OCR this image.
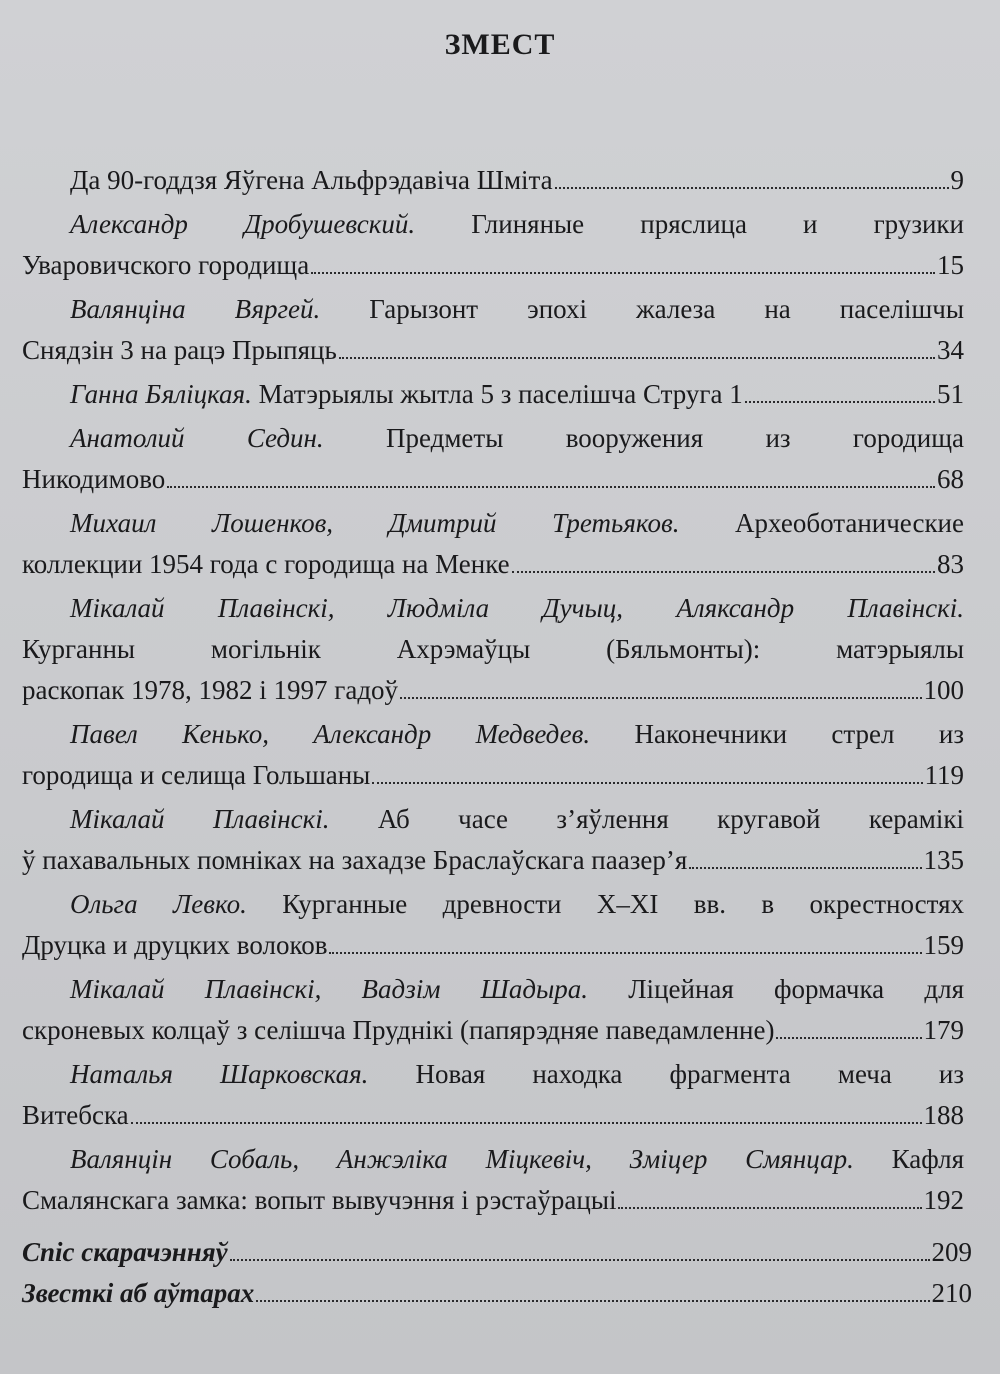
ЗМЕСТ
Да 90-годдзя Яўгена Альфрэдавіча Шміта	9
Александр Дробушевский. Глиняные пряслица и грузики
Уваровичского городища	15
Валянціна Вяргей. Гарызонт эпохі жалеза на паселішчы
Снядзін 3 на рацэ Прыпяць	34
Ганна Бяліцкая.
Матэрыялы жытла 5 з паселішча Струга 1	51
Анатолий Седин. Предметы вооружения из городища
Никодимово	68
Михаил Лошенков, Дмитрий Третьяков. Археоботанические
коллекции 1954 года с городища на Менке	83
Мікалай Плавінскі, Людміла Дучыц, Аляксандр Плавінскі.
Курганны могільнік Ахрэмаўцы (Бяльмонты): матэрыялы
раскопак 1978, 1982 і 1997 гадоў	100
Павел Кенько, Александр Медведев. Наконечники стрел из
городища и селища Гольшаны	119
Мікалай Плавінскі. Аб часе з’яўлення кругавой керамікі
ў пахавальных помніках на захадзе Браслаўскага паазер’я	135
Ольга Левко. Курганные древности X–XI вв. в окрестностях
Друцка и друцких волоков	159
Мікалай Плавінскі, Вадзім Шадыра. Ліцейная формачка для
скроневых колцаў з селішча Пруднікі (папярэдняе паведамленне)	179
Наталья Шарковская. Новая находка фрагмента меча из
Витебска	188
Валянцін Собаль, Анжэліка Міцкевіч, Зміцер Смянцар. Кафля
Смалянскага замка: вопыт вывучэння і рэстаўрацыі	192
Спіс скарачэнняў	209
Звесткі аб аўтарах	210
